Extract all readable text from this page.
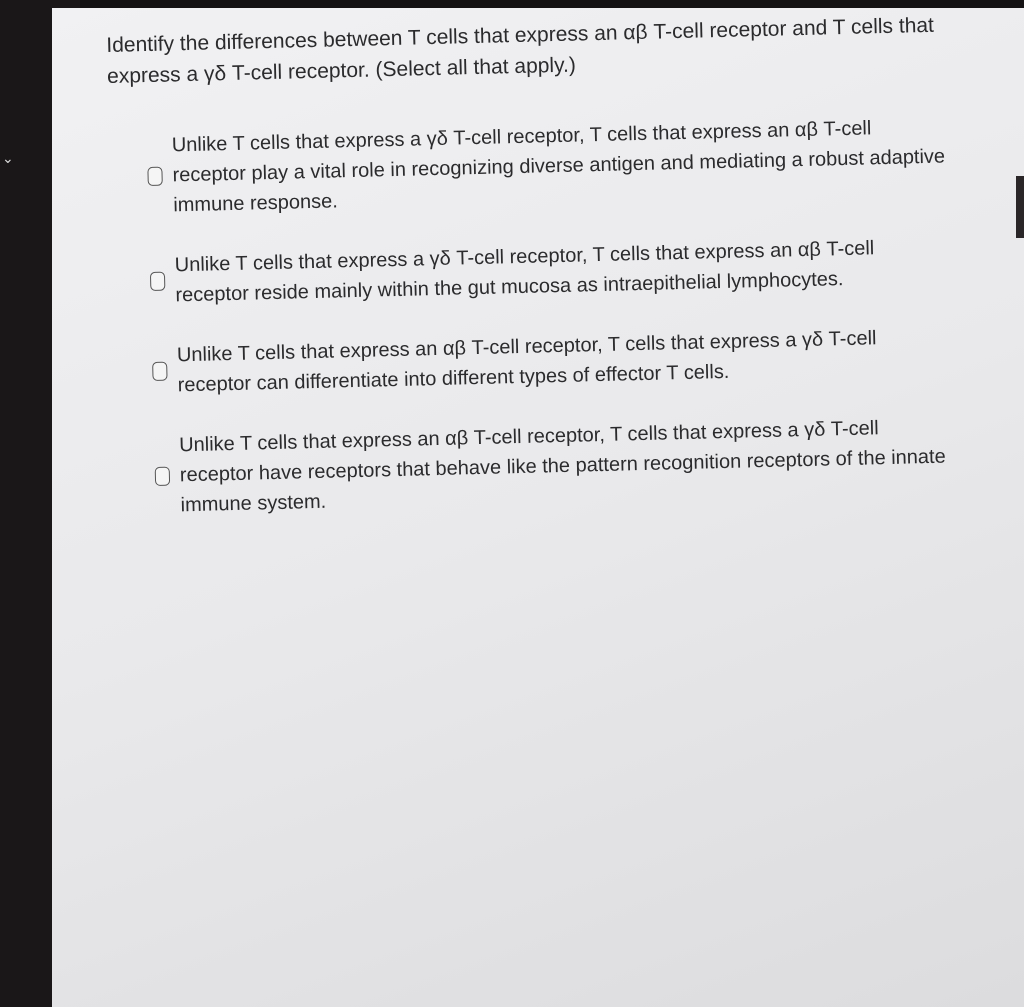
⌄

Identify the differences between T cells that express an αβ T-cell receptor and T cells that express a γδ T-cell receptor. (Select all that apply.)

Unlike T cells that express a γδ T-cell receptor, T cells that express an αβ T-cell receptor play a vital role in recognizing diverse antigen and mediating a robust adaptive immune response.
Unlike T cells that express a γδ T-cell receptor, T cells that express an αβ T-cell receptor reside mainly within the gut mucosa as intraepithelial lymphocytes.
Unlike T cells that express an αβ T-cell receptor, T cells that express a γδ T-cell receptor can differentiate into different types of effector T cells.
Unlike T cells that express an αβ T-cell receptor, T cells that express a γδ T-cell receptor have receptors that behave like the pattern recognition receptors of the innate immune system.
